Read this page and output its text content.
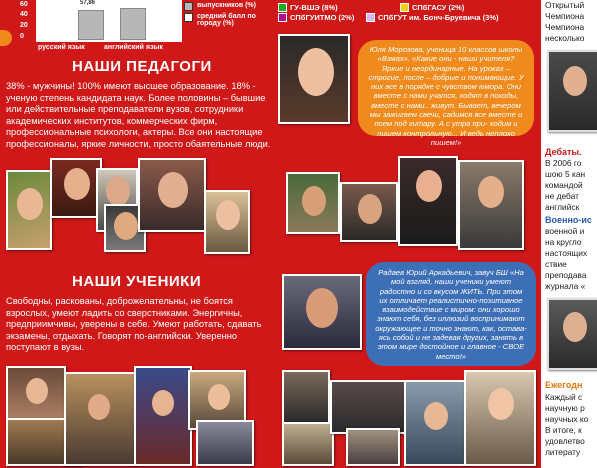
60
40
20
0
57,86
русский язык	английский язык
выпускников (%)
средний балл по городу (%)
ГУ-ВШЭ (8%)	СПбГАСУ (2%)
СПбГУИТМО (2%)	СПбГУТ им. Бонч-Бруевича (3%)
НАШИ ПЕДАГОГИ
38% - мужчины! 100% имеют высшее образование. 18% - ученую степень кандидата наук. Более половины – бывшие или действительные преподаватели вузов, сотрудники академических институтов, коммерческих фирм, профессиональные психологи, актеры. Все они настоящие профессионалы, яркие личности, просто обаятельные люди.
НАШИ УЧЕНИКИ
Свободны, раскованы, доброжелательны, не боятся взрослых, умеют ладить со сверстниками. Энергичны, предприимчивы, уверены в себе. Умеют работать, сдавать экзамены, отдыхать. Говорят по-английски. Уверенно поступают в вузы.

Юля Морозова, ученица 10 классов школы «Взмах». «Какие они - наши учителя? Яркие и неординарные. На уроках – строгие, после – добрые и понимающие. У них все в порядке с чувством юмора. Они вместе с нами учатся, ходят в походы, вместе с нами.. живут. Бывает, вечером мы зажигаем свечи, садимся все вместе и поем под гитару. А с утра при- ходим и пишем контрольную... И ведь неплохо пишем!»

Радаев Юрий Аркадьевич, завуч БШ «На мой взгляд, наши ученики умеют радостно и со вкусом ЖИТЬ. При этом их отличает реалистично-позитивное взаимодействие с миром: они хорошо знают себя, без иллюзий воспринимают окружающее и точно знают, как, остава- ясь собой и не задевая других, занять в этом мире достойное и главное - СВОЕ место!»

Открытый
Чемпиона
Чемпиона
несколько
Дебаты.
В 2006 го
шою 5 кан
командой
не дебат
английск
Военно-ис
военной и
на кругло
настоящих
ствие
преподава
журнала «
Ежегодн
Каждый с
научную р
научных ко
В итоге, к
удовлетво
литерату
